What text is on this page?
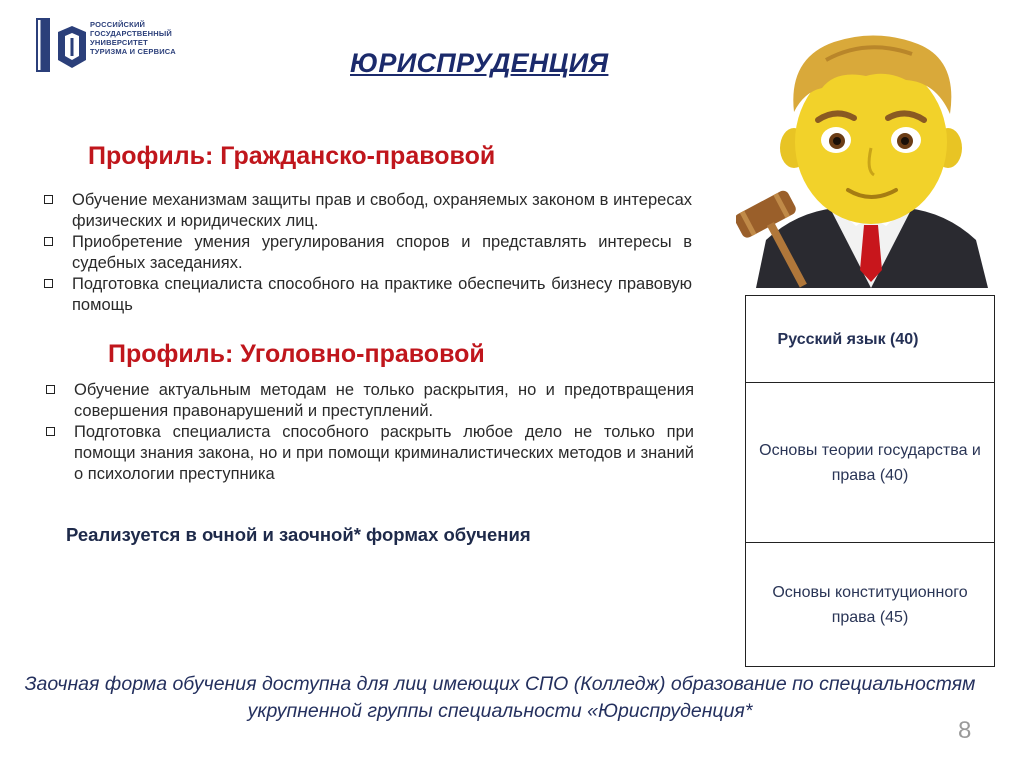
РОССИЙСКИЙ
ГОСУДАРСТВЕННЫЙ
УНИВЕРСИТЕТ
ТУРИЗМА И СЕРВИСА	ЮРИСПРУДЕНЦИЯ
Профиль: Гражданско-правовой
Обучение механизмам защиты прав и свобод, охраняемых законом в интересах физических и юридических лиц.
Приобретение умения урегулирования споров и представлять интересы в судебных заседаниях.
Подготовка специалиста способного на практике обеспечить бизнесу правовую помощь
Профиль: Уголовно-правовой
Обучение актуальным методам не только раскрытия, но и предотвращения совершения правонарушений и преступлений.
Подготовка специалиста способного раскрыть любое дело не только при помощи знания закона, но и при помощи криминалистических методов и знаний о психологии преступника
Реализуется в очной и заочной* формах обучения
Русский язык (40)
Основы теории государства и права (40)
Основы конституционного права (45)
Заочная форма обучения доступна для лиц имеющих СПО (Колледж) образование по специальностям укрупненной группы специальности «Юриспруденция*
8
